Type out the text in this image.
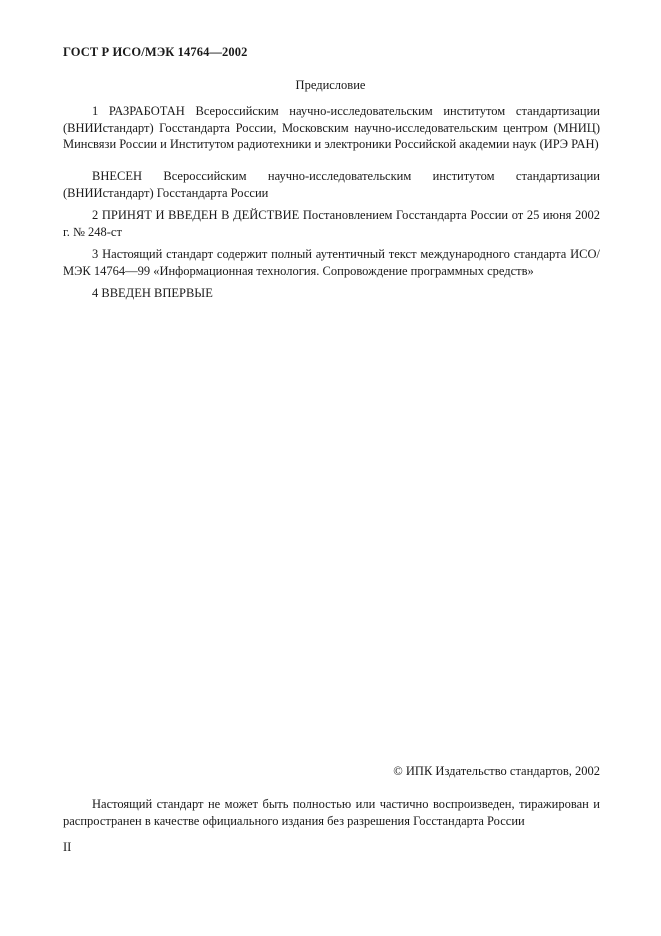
ГОСТ Р ИСО/МЭК 14764—2002
Предисловие

1 РАЗРАБОТАН Всероссийским научно-исследовательским институтом стандартизации (ВНИИстандарт) Госстандарта России, Московским научно-исследовательским центром (МНИЦ) Минсвязи России и Институтом радиотехники и электроники Российской академии наук (ИРЭ РАН)

ВНЕСЕН Всероссийским научно-исследовательским институтом стандартизации (ВНИИстандарт) Госстандарта России

2 ПРИНЯТ И ВВЕДЕН В ДЕЙСТВИЕ Постановлением Госстандарта России от 25 июня 2002 г. № 248-ст

3 Настоящий стандарт содержит полный аутентичный текст международного стандарта ИСО/МЭК 14764—99 «Информационная технология. Сопровождение программных средств»

4 ВВЕДЕН ВПЕРВЫЕ

© ИПК Издательство стандартов, 2002

Настоящий стандарт не может быть полностью или частично воспроизведен, тиражирован и распространен в качестве официального издания без разрешения Госстандарта России

II
